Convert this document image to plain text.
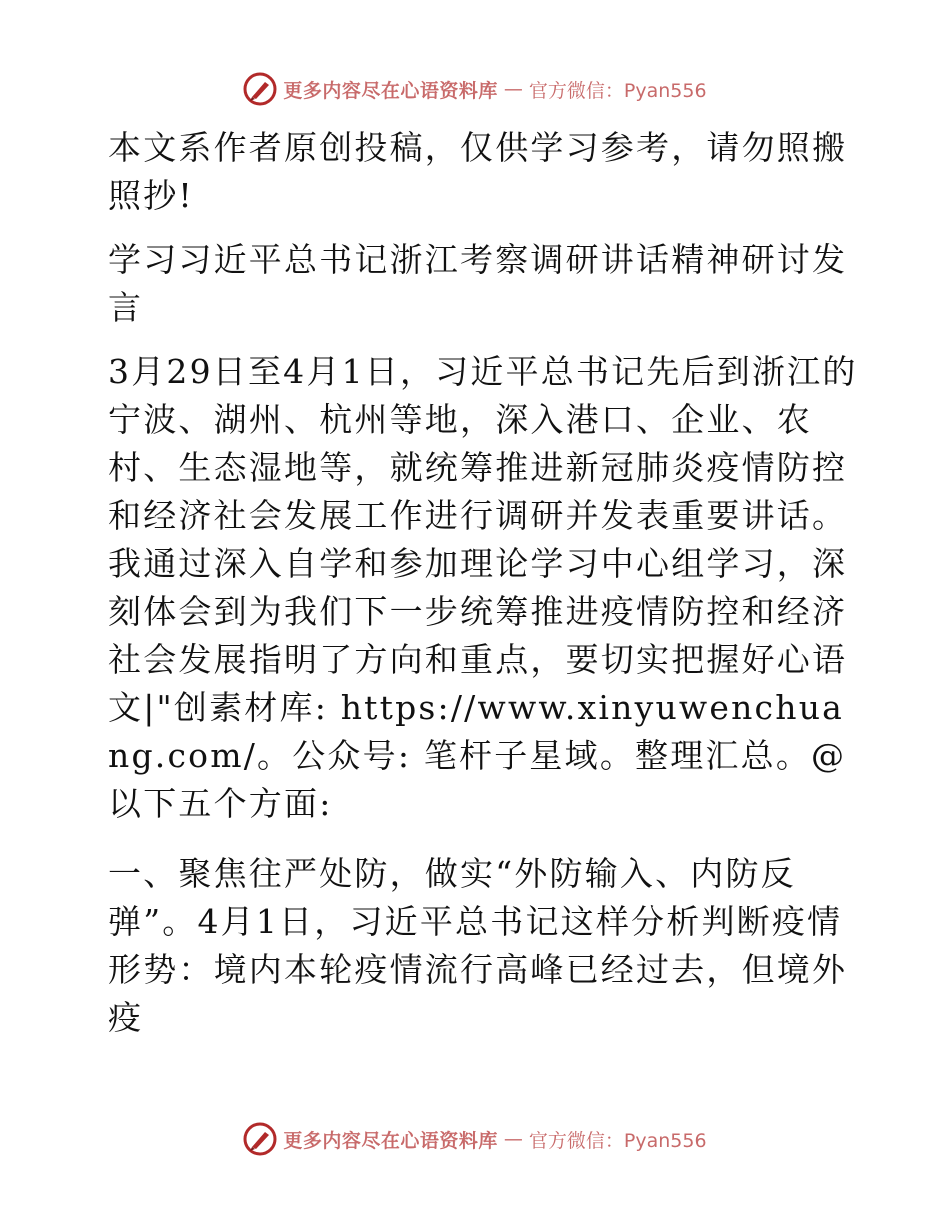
更多内容尽在心语资料库 — 官方微信：Pyan556

本文系作者原创投稿，仅供学习参考，请勿照搬照抄!

学习习近平总书记浙江考察调研讲话精神研讨发言

3月29日至4月1日，习近平总书记先后到浙江的宁波、湖州、杭州等地，深入港口、企业、农村、生态湿地等，就统筹推进新冠肺炎疫情防控和经济社会发展工作进行调研并发表重要讲话。我通过深入自学和参加理论学习中心组学习，深刻体会到为我们下一步统筹推进疫情防控和经济社会发展指明了方向和重点，要切实把握好心语文|"创素材库: https://www.xinyuwenchuang.com/。公众号: 笔杆子星域。整理汇总。@以下五个方面:

一、聚焦往严处防，做实“外防输入、内防反弹”。4月1日，习近平总书记这样分析判断疫情形势：境内本轮疫情流行高峰已经过去，但境外疫

更多内容尽在心语资料库 — 官方微信：Pyan556
